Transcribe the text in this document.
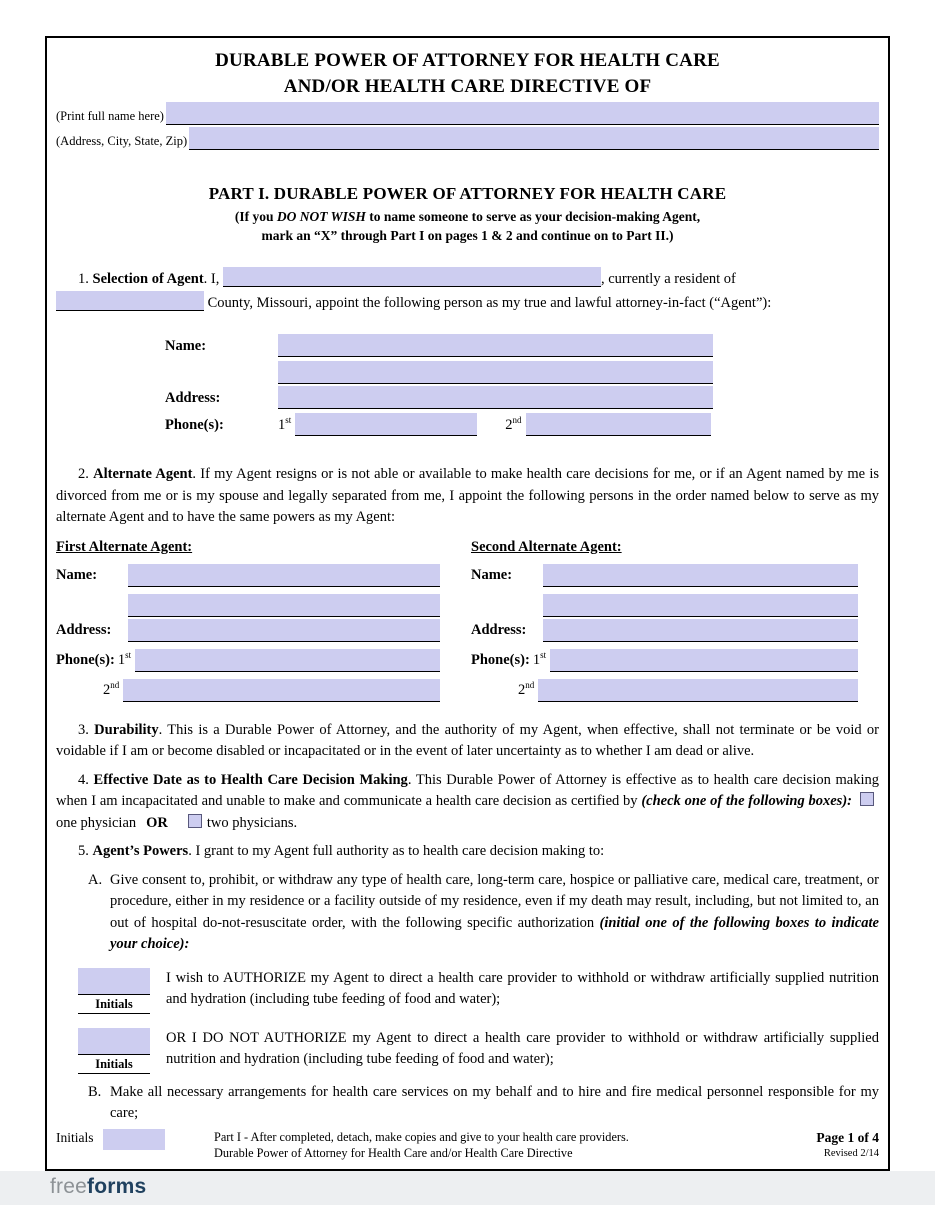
DURABLE POWER OF ATTORNEY FOR HEALTH CARE
AND/OR HEALTH CARE DIRECTIVE OF
(Print full name here)
(Address, City, State, Zip)
PART I. DURABLE POWER OF ATTORNEY FOR HEALTH CARE
(If you DO NOT WISH to name someone to serve as your decision-making Agent,
mark an “X” through Part I on pages 1 & 2 and continue on to Part II.)
1. Selection of Agent. I,	, currently a resident of
County, Missouri, appoint the following person as my true and lawful attorney-in-fact (“Agent”):
Name:
Address:
Phone(s):	1st	2nd
2. Alternate Agent. If my Agent resigns or is not able or available to make health care decisions for me, or if an Agent named by me is divorced from me or is my spouse and legally separated from me, I appoint the following persons in the order named below to serve as my alternate Agent and to have the same powers as my Agent:
First Alternate Agent:
Name:
Address:
Phone(s): 1st
2nd
Second Alternate Agent:
Name:
Address:
Phone(s): 1st
2nd
3. Durability. This is a Durable Power of Attorney, and the authority of my Agent, when effective, shall not terminate or be void or voidable if I am or become disabled or incapacitated or in the event of later uncertainty as to whether I am dead or alive.
4. Effective Date as to Health Care Decision Making. This Durable Power of Attorney is effective as to health care decision making when I am incapacitated and unable to make and communicate a health care decision as certified by (check one of the following boxes):one physician OR	two physicians.
5. Agent’s Powers. I grant to my Agent full authority as to health care decision making to:
A. Give consent to, prohibit, or withdraw any type of health care, long-term care, hospice or palliative care, medical care, treatment, or procedure, either in my residence or a facility outside of my residence, even if my death may result, including, but not limited to, an out of hospital do-not-resuscitate order, with the following specific authorization (initial one of the following boxes to indicate your choice):
Initials
I wish to AUTHORIZE my Agent to direct a health care provider to withhold or withdraw artificially supplied nutrition and hydration (including tube feeding of food and water);
Initials
OR I DO NOT AUTHORIZE my Agent to direct a health care provider to withhold or withdraw artificially supplied nutrition and hydration (including tube feeding of food and water);
B. Make all necessary arrangements for health care services on my behalf and to hire and fire medical personnel responsible for my care;
Initials	Part I - After completed, detach, make copies and give to your health care providers.
Durable Power of Attorney for Health Care and/or Health Care Directive
Page 1 of 4
Revised 2/14
freeforms
